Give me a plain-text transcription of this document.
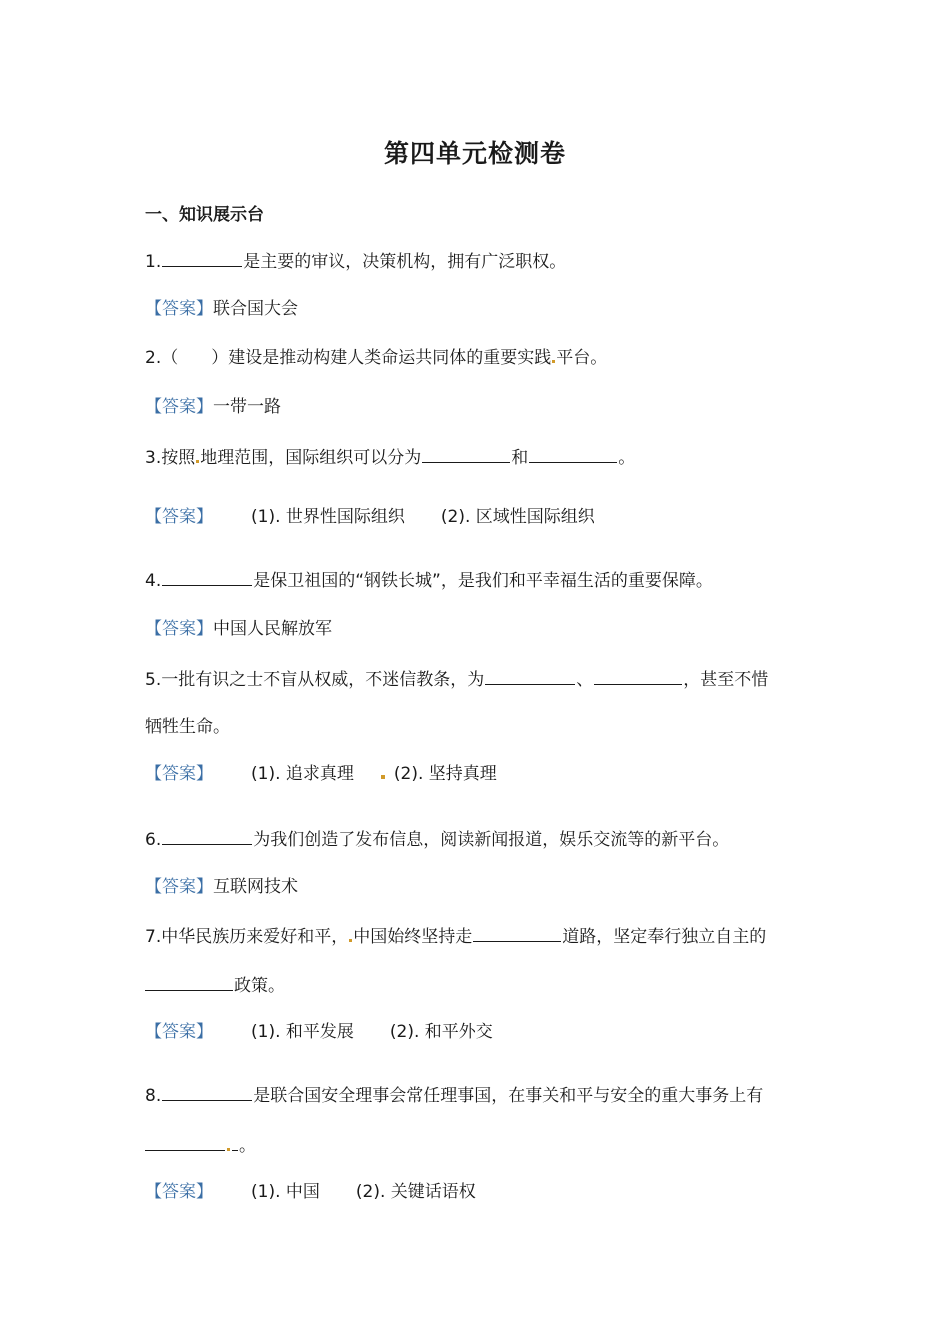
第四单元检测卷
一、知识展示台
1.	是主要的审议，决策机构，拥有广泛职权。
【答案】联合国大会
2.（ ）建设是推动构建人类命运共同体的重要实践 平台。
【答案】一带一路
3.按照 地理范围，国际组织可以分为	和	。
【答案】 (1). 世界性国际组织 (2). 区域性国际组织
4.	是保卫祖国的“钢铁长城”，是我们和平幸福生活的重要保障。
【答案】中国人民解放军
5.一批有识之士不盲从权威，不迷信教条，为	、	，甚至不惜
牺牲生命。
【答案】 (1). 追求真理 (2). 坚持真理
6.	为我们创造了发布信息，阅读新闻报道，娱乐交流等的新平台。
【答案】互联网技术
7.中华民族历来爱好和平， 中国始终坚持走	道路，坚定奉行独立自主的
政策。
【答案】 (1). 和平发展 (2). 和平外交
8.	是联合国安全理事会常任理事国，在事关和平与安全的重大事务上有
。
【答案】 (1). 中国 (2). 关键话语权
